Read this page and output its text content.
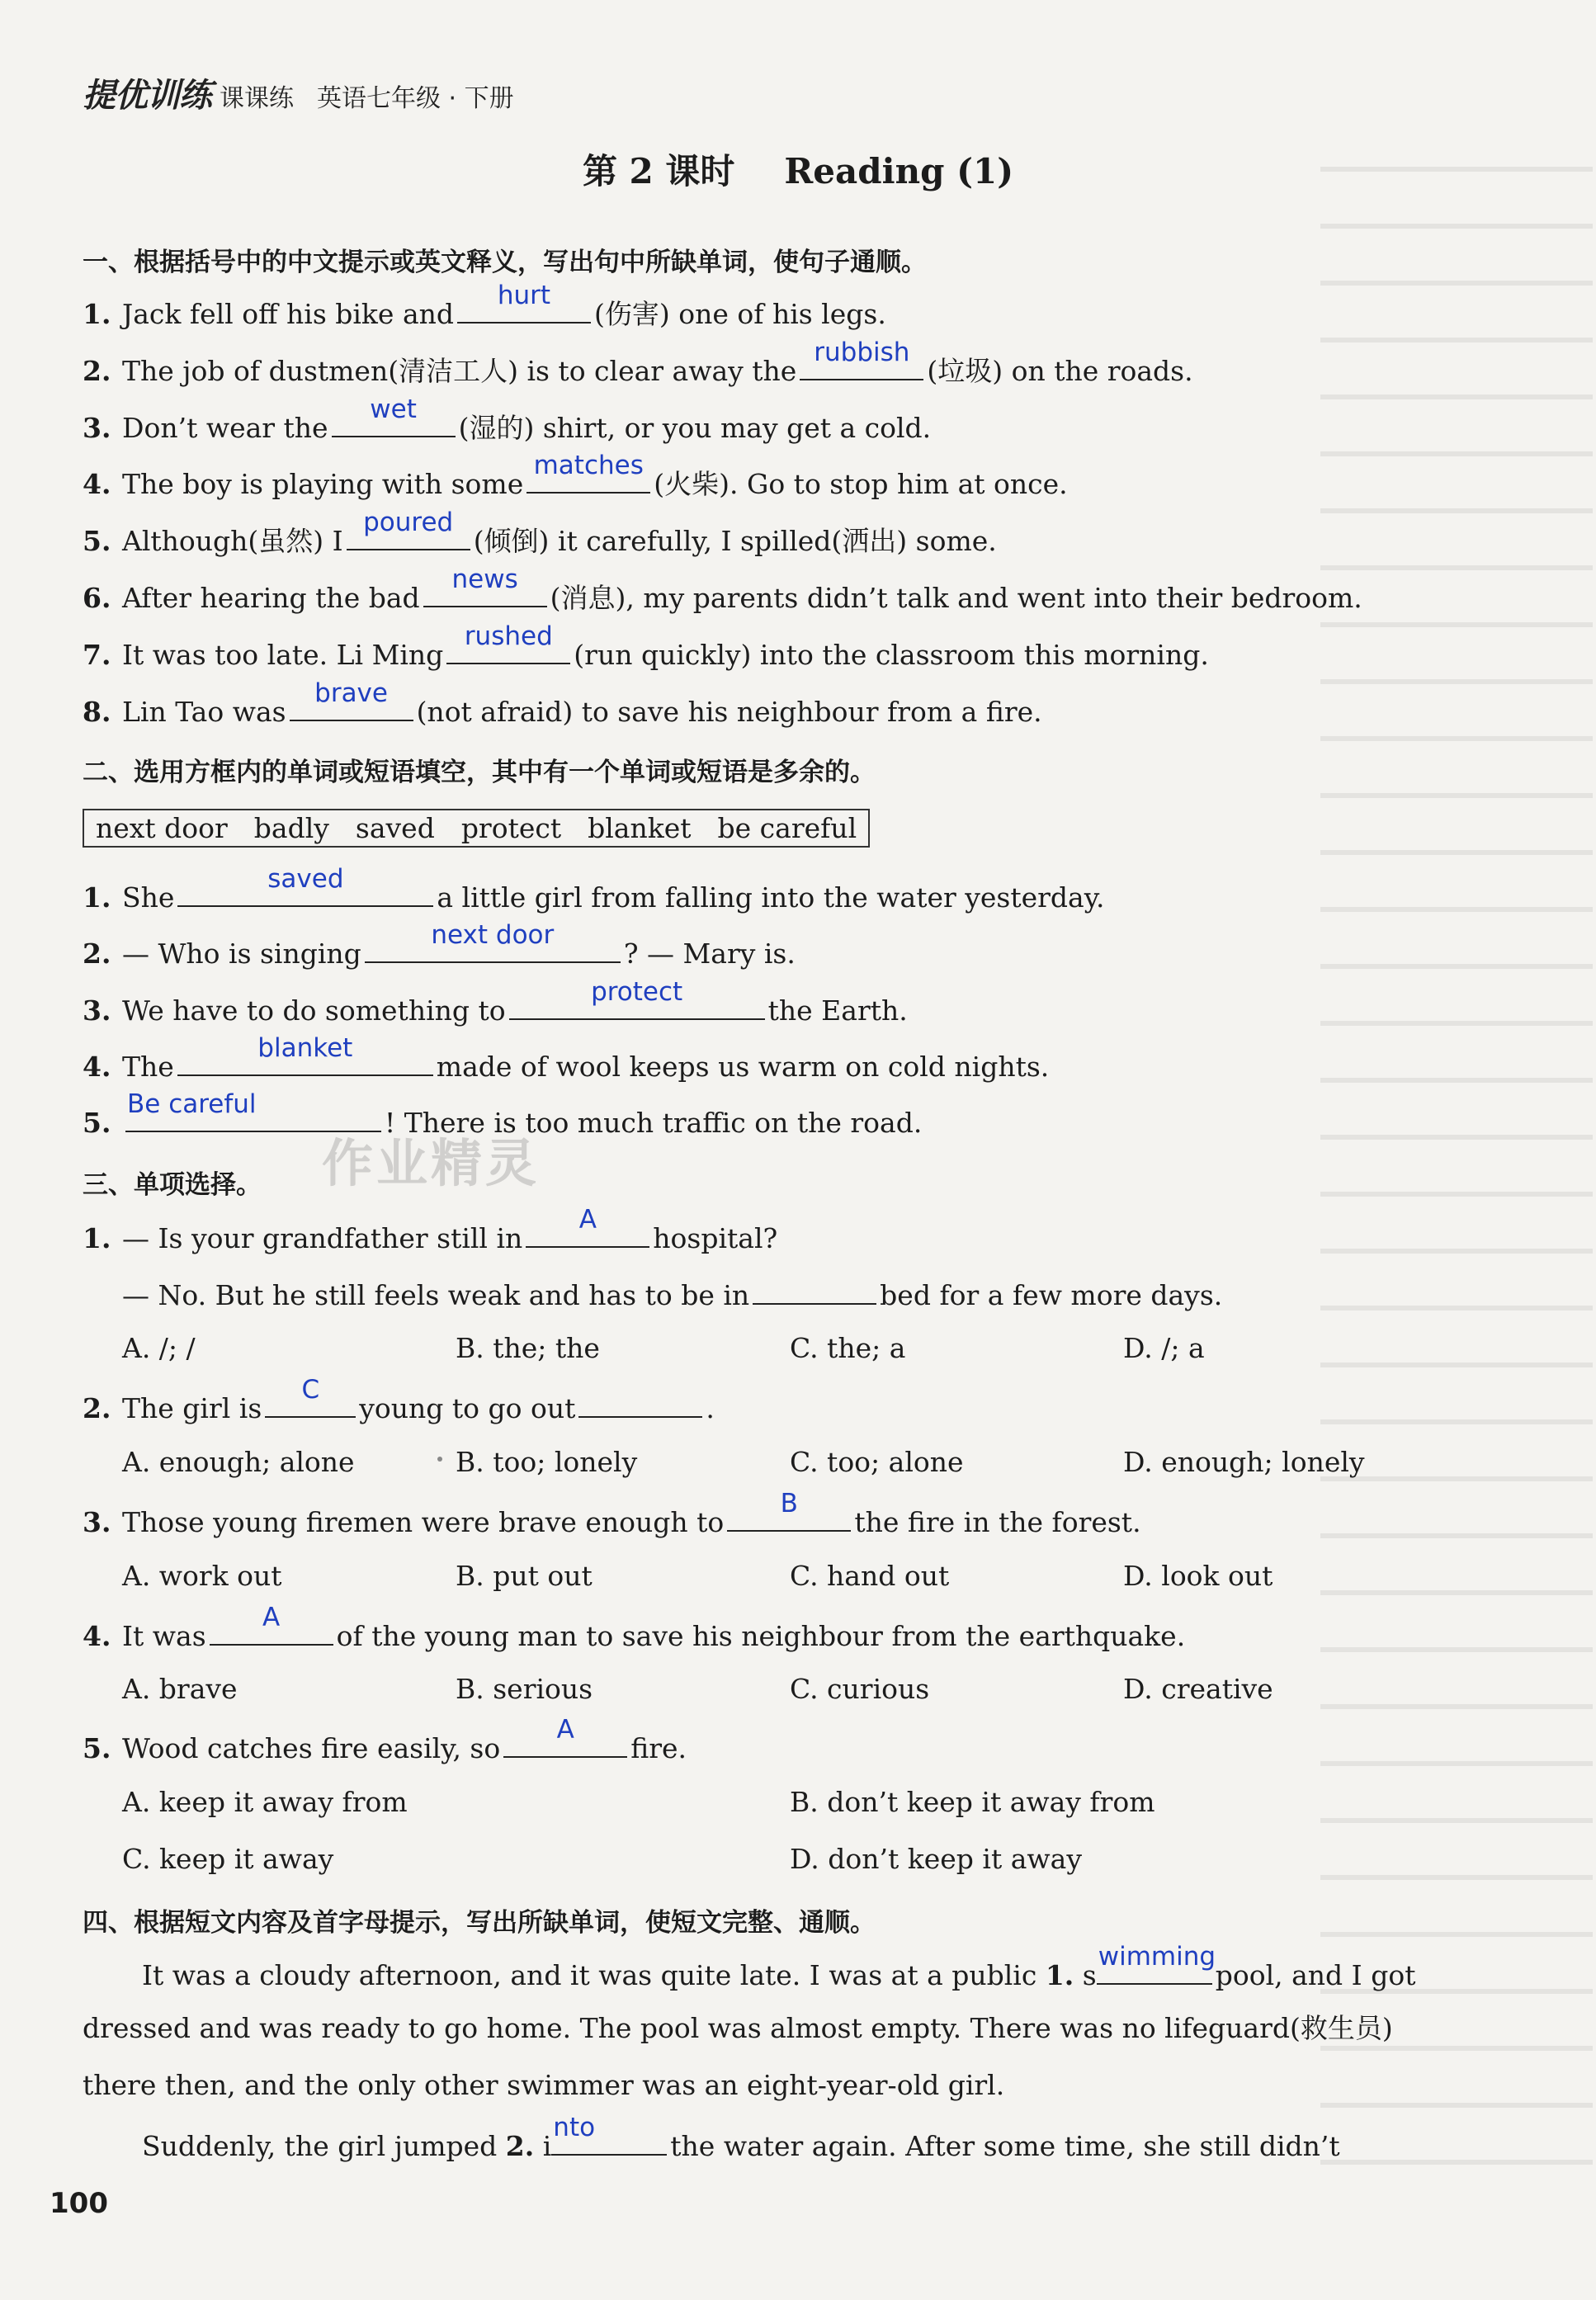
提优训练 课课练 英语七年级 · 下册
第 2 课时 Reading (1)
一、根据括号中的中文提示或英文释义，写出句中所缺单词，使句子通顺。
1. Jack fell off his bike and
hurt
(伤害) one of his legs.
2. The job of dustmen(清洁工人) is to clear away the
rubbish
(垃圾) on the roads.
3. Don’t wear the
wet
(湿的) shirt, or you may get a cold.
4. The boy is playing with some
matches
(火柴). Go to stop him at once.
5. Although(虽然) I
poured
(倾倒) it carefully, I spilled(洒出) some.
6. After hearing the bad
news
(消息), my parents didn’t talk and went into their bedroom.
7. It was too late. Li Ming
rushed
(run quickly) into the classroom this morning.
8. Lin Tao was
brave
(not afraid) to save his neighbour from a fire.
二、选用方框内的单词或短语填空，其中有一个单词或短语是多余的。
next door badly saved protect blanket be careful
1. She
saved
a little girl from falling into the water yesterday.
2. — Who is singing
next door
? — Mary is.
3. We have to do something to
protect
the Earth.
4. The
blanket
made of wool keeps us warm on cold nights.
5.
Be careful
! There is too much traffic on the road.
作业精灵
三、单项选择。
1. — Is your grandfather still in
A
hospital?
— No. But he still feels weak and has to be in	bed for a few more days.
A. /; /	B. the; the	C. the; a	D. /; a
2. The girl is
C
young to go out	.
A. enough; alone	B. too; lonely	C. too; alone	D. enough; lonely
3. Those young firemen were brave enough to
B
the fire in the forest.
A. work out	B. put out	C. hand out	D. look out
4. It was
A
of the young man to save his neighbour from the earthquake.
A. brave	B. serious	C. curious	D. creative
5. Wood catches fire easily, so
A
fire.
A. keep it away from	B. don’t keep it away from
C. keep it away	D. don’t keep it away
四、根据短文内容及首字母提示，写出所缺单词，使短文完整、通顺。
It was a cloudy afternoon, and it was quite late. I was at a public 1. s
wimming
pool, and I got
dressed and was ready to go home. The pool was almost empty. There was no lifeguard(救生员)
there then, and the only other swimmer was an eight-year-old girl.
Suddenly, the girl jumped 2. i
nto
the water again. After some time, she still didn’t
100
